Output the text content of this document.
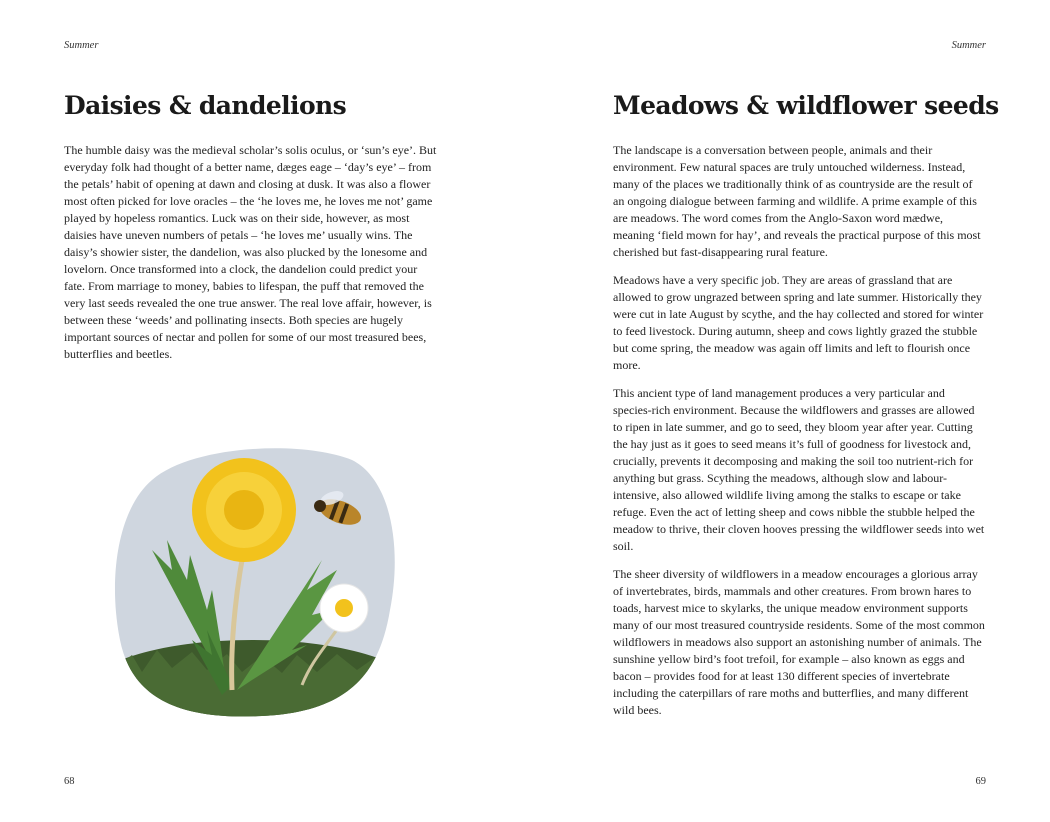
Summer
Daisies & dandelions

The humble daisy was the medieval scholar’s solis oculus, or ‘sun’s eye’. But everyday folk had thought of a better name, dæges eage – ‘day’s eye’ – from the petals’ habit of opening at dawn and closing at dusk. It was also a flower most often picked for love oracles – the ‘he loves me, he loves me not’ game played by hopeless romantics. Luck was on their side, however, as most daisies have uneven numbers of petals – ‘he loves me’ usually wins. The daisy’s showier sister, the dandelion, was also plucked by the lonesome and lovelorn. Once transformed into a clock, the dandelion could predict your fate. From marriage to money, babies to lifespan, the puff that removed the very last seeds revealed the one true answer. The real love affair, however, is between these ‘weeds’ and pollinating insects. Both species are hugely important sources of nectar and pollen for some of our most treasured bees, butterflies and beetles.

68
Summer
Meadows & wildflower seeds

The landscape is a conversation between people, animals and their environment. Few natural spaces are truly untouched wilderness. Instead, many of the places we traditionally think of as countryside are the result of an ongoing dialogue between farming and wildlife. A prime example of this are meadows. The word comes from the Anglo-Saxon word mædwe, meaning ‘field mown for hay’, and reveals the practical purpose of this most cherished but fast-disappearing rural feature.

Meadows have a very specific job. They are areas of grassland that are allowed to grow ungrazed between spring and late summer. Historically they were cut in late August by scythe, and the hay collected and stored for winter to feed livestock. During autumn, sheep and cows lightly grazed the stubble but come spring, the meadow was again off limits and left to flourish once more.

This ancient type of land management produces a very particular and species-rich environment. Because the wildflowers and grasses are allowed to ripen in late summer, and go to seed, they bloom year after year. Cutting the hay just as it goes to seed means it’s full of goodness for livestock and, crucially, prevents it decomposing and making the soil too nutrient-rich for anything but grass. Scything the meadows, although slow and labour-intensive, also allowed wildlife living among the stalks to escape or take refuge. Even the act of letting sheep and cows nibble the stubble helped the meadow to thrive, their cloven hooves pressing the wildflower seeds into wet soil.

The sheer diversity of wildflowers in a meadow encourages a glorious array of invertebrates, birds, mammals and other creatures. From brown hares to toads, harvest mice to skylarks, the unique meadow environment supports many of our most treasured countryside residents. Some of the most common wildflowers in meadows also support an astonishing number of animals. The sunshine yellow bird’s foot trefoil, for example – also known as eggs and bacon – provides food for at least 130 different species of invertebrate including the caterpillars of rare moths and butterflies, and many different wild bees.

69
